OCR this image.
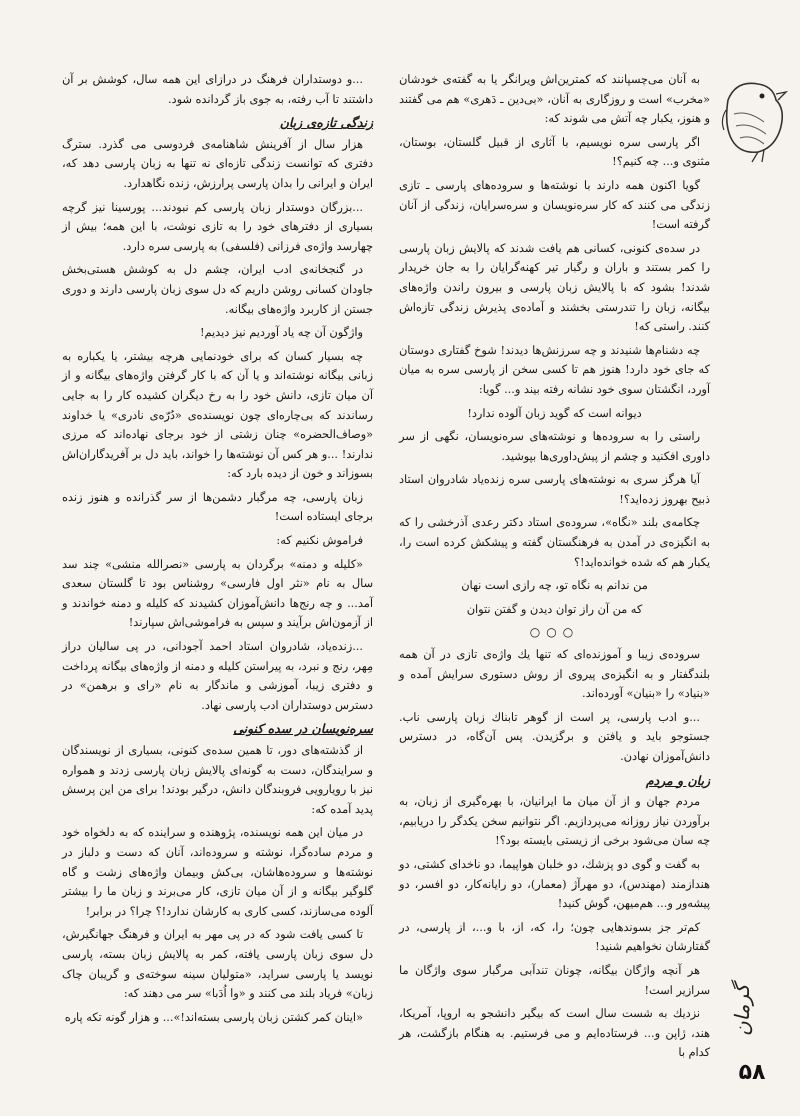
...و دوستداران فرهنگ در درازای این همه سال، کوشش بر آن داشتند تا آب رفته، به جوی باز گردانده شود.

زندگی تازه‌ی زبان

هزار سال از آفرینش شاهنامه‌ی فردوسی می گذرد. سترگ دفتری که توانست زندگی تازه‌ای نه تنها به زبان پارسی دهد که، ایران و ایرانی را بدان پارسی پرارزش، زنده نگاهدارد.

...بزرگان دوستدار زبان پارسی کم نبودند... پورسینا نیز گرچه بسیاری از دفترهای خود را به تازی نوشت، با این همه؛ بیش از چهارسد واژه‌ی فرزانی (فلسفی) به پارسی سره دارد.

در گنجخانه‌ی ادب ایران، چشم دل به کوشش هستی‌بخش جاودان کسانی روشن داریم که دل سوی زبان پارسی دارند و دوری جستن از کاربرد واژه‌های بیگانه.

واژگون آن چه یاد آوردیم نیز دیدیم!

چه بسیار کسان که برای خودنمایی هرچه بیشتر، یا یکباره به زبانی بیگانه نوشته‌اند و یا آن که با کار گرفتن واژه‌های بیگانه و از آن میان تازی، دانش خود را به رخ دیگران کشیده کار را به جایی رساندند که بی‌چاره‌ای چون نویسنده‌ی «دُرّه‌ی نادری» یا خداوند «وصاف‌الحضره» چنان زشتی از خود برجای نهاده‌اند که مرزی ندارند! ...و هر کس آن نوشته‌ها را خواند، باید دل بر آفریدگاران‌اش بسوزاند و خون از دیده بارد که:

زبان پارسی، چه مرگبار دشمن‌ها از سر گذرانده و هنوز زنده برجای ایستاده است!

فراموش نکنیم که:

«کلیله و دمنه» برگردان به پارسی «نصرالله منشی» چند سد سال به نام «نثر اول فارسی» روشناس بود تا گلستان سعدی آمد... و چه رنج‌ها دانش‌آموزان کشیدند که کلیله و دمنه خواندند و از آزمون‌اش برآیند و سپس به فراموشی‌اش سپارند!

...زنده‌یاد، شادروان استاد احمد آجودانی، در پی سالیان دراز مِهر، رنج و نبرد، به پیراستن کلیله و دمنه از واژه‌های بیگانه پرداخت و دفتری زیبا، آموزشی و ماندگار به نام «رای و برهمن» در دسترس دوستداران ادب پارسی نهاد.

سره‌نویسان در سده کنونی

از گذشته‌های دور، تا همین سده‌ی کنونی، بسیاری از نویسندگان و سرایندگان، دست به گونه‌ای پالایش زبان پارسی زدند و همواره نیز با رویارویی فروبندگان دانش، درگیر بودند! برای من این پرسش پدید آمده که:

در میان این همه نویسنده، پژوهنده و سراینده که به دلخواه خود و مردم ساده‌گرا، نوشته و سروده‌اند، آنان که دست و دلباز در نوشته‌ها و سروده‌هاشان، بی‌کش وبیمان واژه‌های زشت و گاه گلوگیر بیگانه و از آن میان تازی، کار می‌برند و زبان ما را بیشتر آلوده می‌سازند، کسی کاری به کارشان ندارد!؟ چرا؟ در برابر!

تا کسی یافت شود که در پی مهر به ایران و فرهنگ جهانگیرش، دل سوی زبان پارسی یافته، کمر به پالایش زبان بسته، پارسی نویسد یا پارسی سراید، «متولیان سینه سوخته‌ی و گریبان چاک زبان» فریاد بلند می کنند و «وا اُدَبا» سر می دهند که:

«اینان کمر کشتن زبان پارسی بسته‌اند!»... و هزار گونه تکه پاره

به آنان می‌چسپانند که کمترین‌اش ویرانگر یا به گفته‌ی خودشان «مخرب» است و روزگاری به آنان، «بی‌دین ـ دَهری» هم می گفتند و هنوز، یکبار چه آتش می شوند که:

اگر پارسی سره نویسیم، با آثاری از قبیل گلستان، بوستان، مثنوی و... چه کنیم؟!

گویا اکنون همه دارند با نوشته‌ها و سروده‌های پارسی ـ تازی زندگی می کنند که کار سره‌نویسان و سره‌سرایان، زندگی از آنان گرفته است!

در سده‌ی کنونی، کسانی هم یافت شدند که پالایش زبان پارسی را کمر بستند و باران و رگبار تیر کهنه‌گرایان را به جان خریدار شدند! بشود که با پالایش زبان پارسی و بیرون راندن واژه‌های بیگانه، زبان را تندرستی بخشند و آماده‌ی پذیرش زندگی تازه‌اش کنند. راستی که!

چه دشنام‌ها شنیدند و چه سرزنش‌ها دیدند! شوخ گفتاری دوستان که جای خود دارد! هنوز هم تا کسی سخن از پارسی سره به میان آورد، انگشتان سوی خود نشانه رفته بیند و... گویا:

دیوانه است که گوید زبان آلوده ندارد!

راستی را به سروده‌ها و نوشته‌های سره‌نویسان، نگهی از سر داوری افکنید و چشم از پیش‌داوری‌ها بپوشید.

آیا هرگز سری به نوشته‌های پارسی سره زنده‌یاد شادروان استاد ذبیح بهروز زده‌اید؟!

چکامه‌ی بلند «نگاه»، سروده‌ی استاد دکتر رعدی آذرخشی را که به انگیزه‌ی در آمدن به فرهنگستان گفته و پیشکش کرده است را، یکبار هم که شده خوانده‌اید!؟

من ندانم به نگاه تو، چه رازی است نهان

که من آن راز توان دیدن و گفتن نتوان

○○○

سروده‌ی زیبا و آموزنده‌ای که تنها یك واژه‌ی تازی در آن همه بلندگفتار و به انگیزه‌ی پیروی از روش دستوری سرایش آمده و «بنیاد» را «بنیان» آورده‌اند.

...و ادب پارسی، پر است از گوهر تابناك زبان پارسی ناب. جستوجو باید و یافتن و برگزیدن. پس آن‌گاه، در دسترس دانش‌آموزان نهادن.

زبان و مردم

مردم جهان و از آن میان ما ایرانیان، با بهره‌گیری از زبان، به برآوردن نیاز روزانه می‌پردازیم. اگر نتوانیم سخن یکدگر را دریابیم، چه سان می‌شود برخی از زیستی بایسته بود؟!

به گفت و گوی دو پزشك، دو خلبان هواپیما، دو ناخدای کشتی، دو هندازمند (مهندس)، دو مهرآژ (معمار)، دو رایانه‌کار، دو افسر، دو پیشه‌ور و... هم‌میهن، گوش کنید!

کم‌تر جز بسوندهایی چون؛ را، که، از، با و...، از پارسی، در گفتارشان نخواهیم شنید!

هر آنچه واژگان بیگانه، چونان تندآبی مرگبار سوی واژگان ما سرازیر است!

نزدیك به شست سال است که بیگیر دانشجو به اروپا، آمریکا، هند، ژاپن و... فرستاده‌ایم و می فرستیم. به هنگام بازگشت، هر کدام با

گرمان
۵۸
